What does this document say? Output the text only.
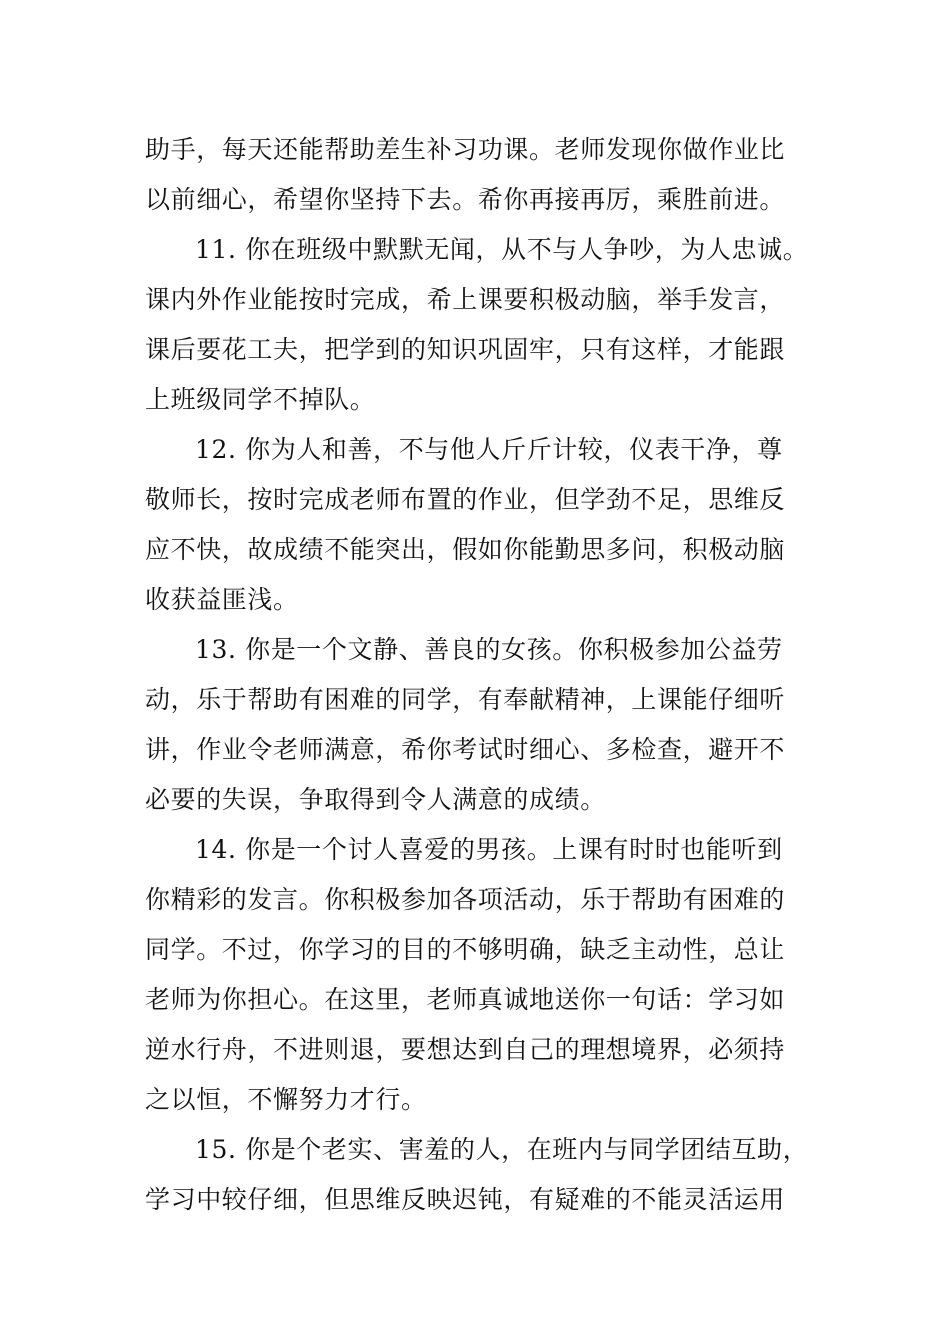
助手，每天还能帮助差生补习功课。老师发现你做作业比
以前细心，希望你坚持下去。希你再接再厉，乘胜前进。
11. 你在班级中默默无闻，从不与人争吵，为人忠诚。
课内外作业能按时完成，希上课要积极动脑，举手发言，
课后要花工夫，把学到的知识巩固牢，只有这样，才能跟
上班级同学不掉队。
12. 你为人和善，不与他人斤斤计较，仪表干净，尊
敬师长，按时完成老师布置的作业，但学劲不足，思维反
应不快，故成绩不能突出，假如你能勤思多问，积极动脑
收获益匪浅。
13. 你是一个文静、善良的女孩。你积极参加公益劳
动，乐于帮助有困难的同学，有奉献精神，上课能仔细听
讲，作业令老师满意，希你考试时细心、多检查，避开不
必要的失误，争取得到令人满意的成绩。
14. 你是一个讨人喜爱的男孩。上课有时时也能听到
你精彩的发言。你积极参加各项活动，乐于帮助有困难的
同学。不过，你学习的目的不够明确，缺乏主动性，总让
老师为你担心。在这里，老师真诚地送你一句话：学习如
逆水行舟，不进则退，要想达到自己的理想境界，必须持
之以恒，不懈努力才行。
15. 你是个老实、害羞的人，在班内与同学团结互助，
学习中较仔细，但思维反映迟钝，有疑难的不能灵活运用
